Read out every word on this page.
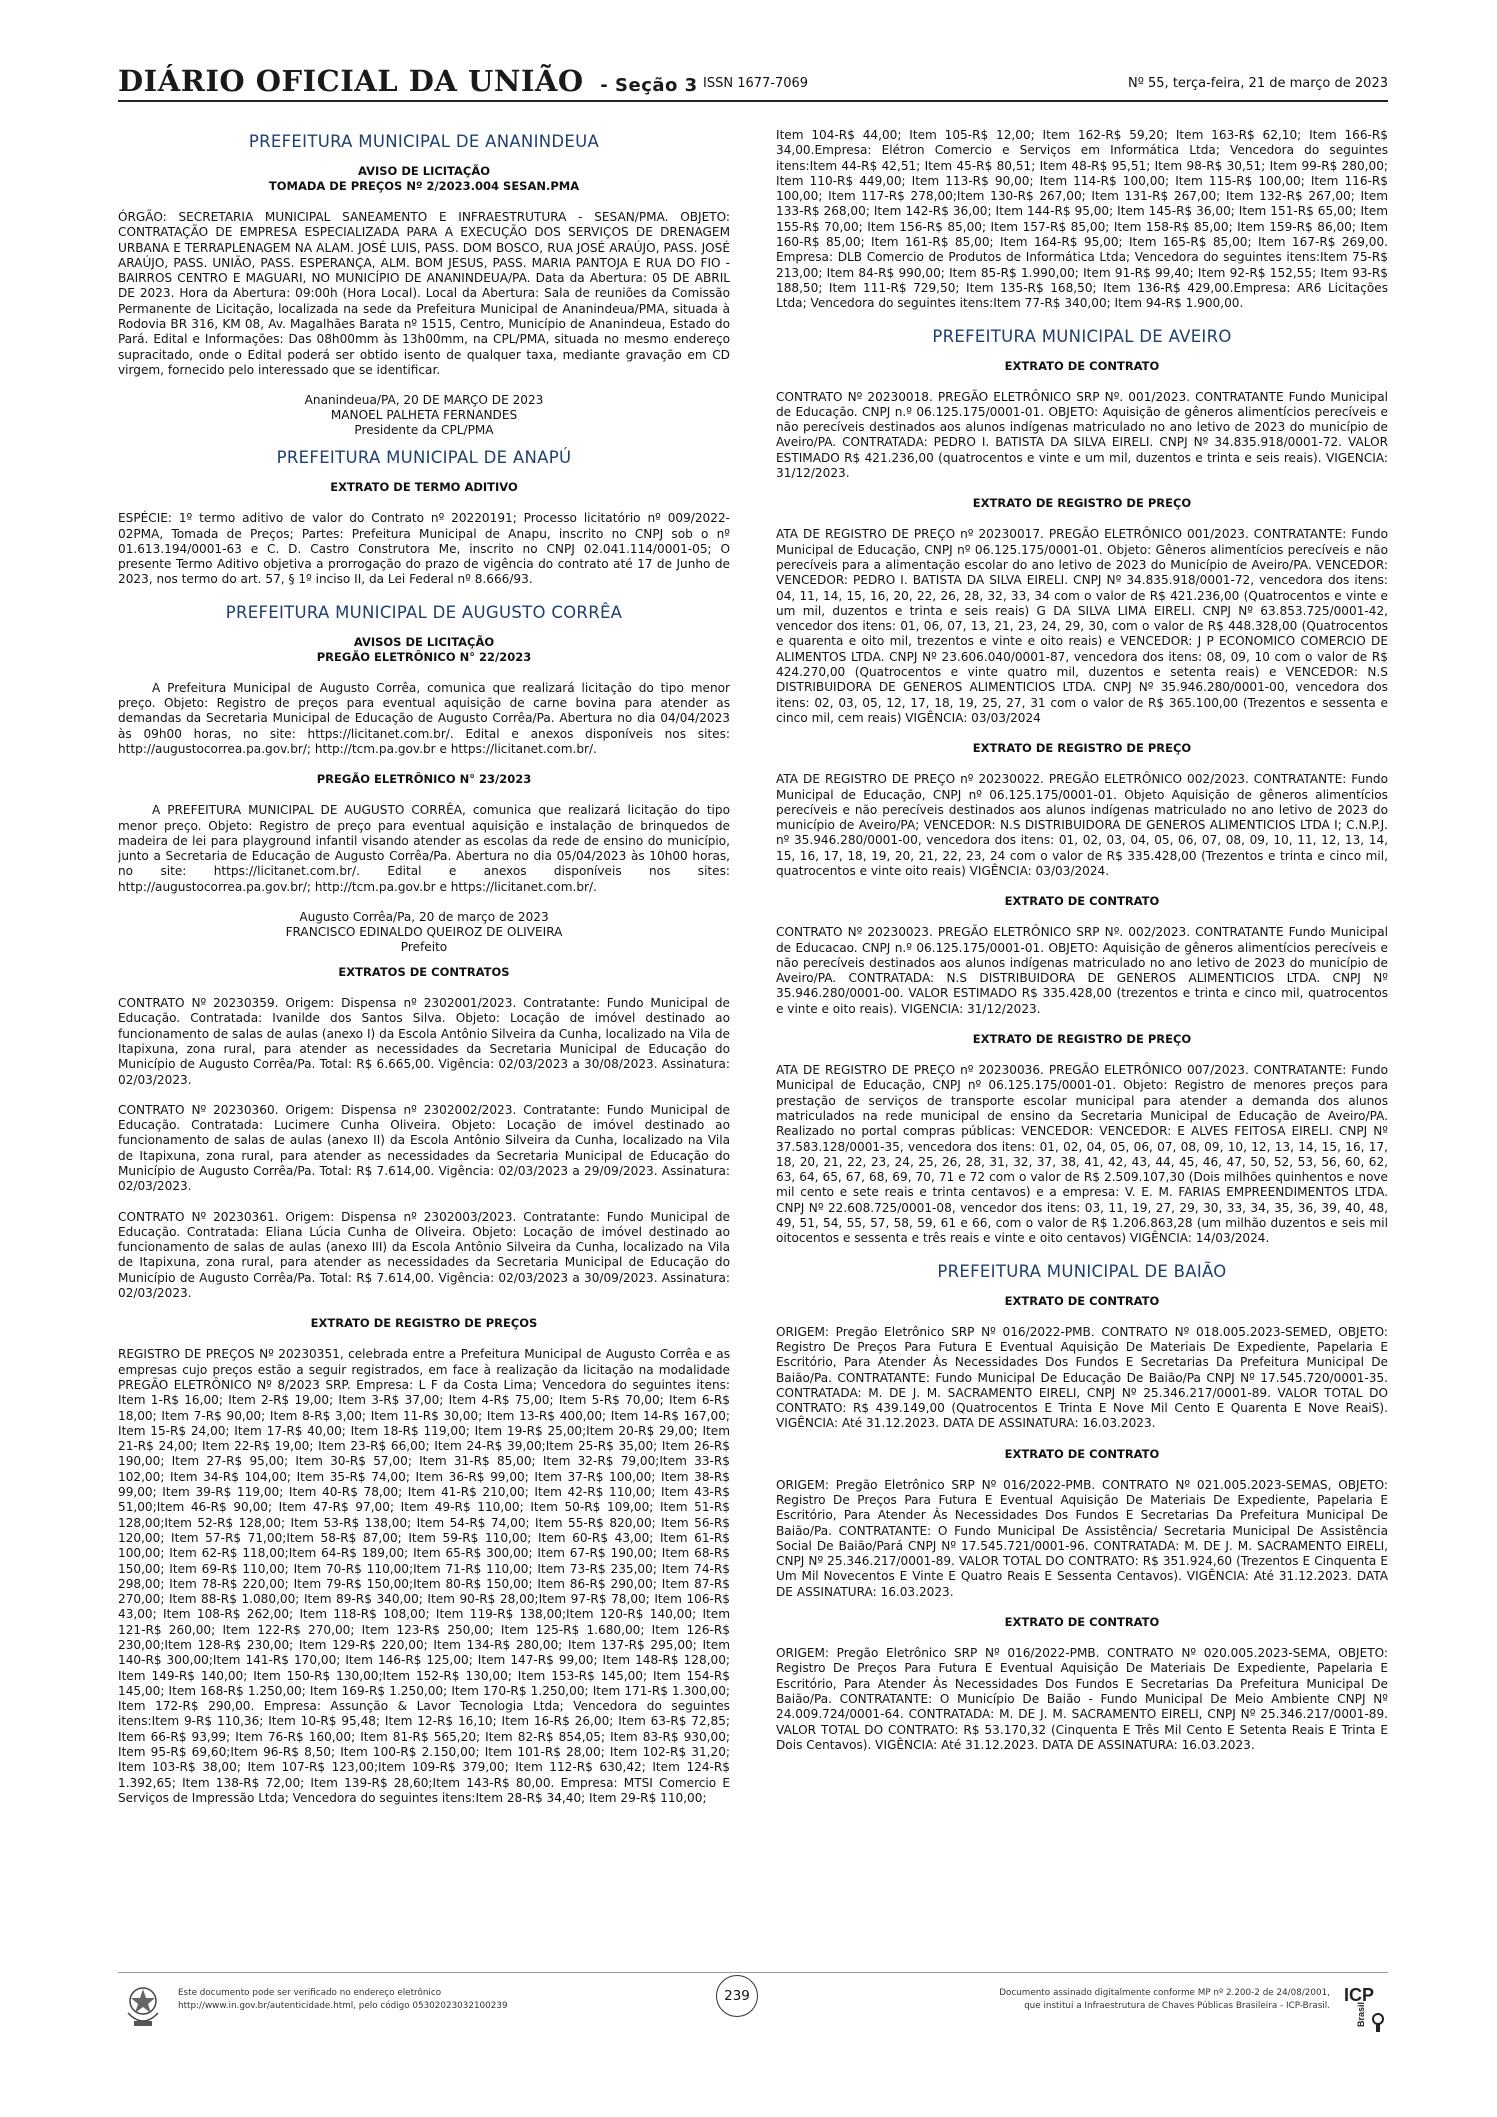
DIÁRIO OFICIAL DA UNIÃO - Seção 3 ISSN 1677-7069	Nº 55, terça-feira, 21 de março de 2023
PREFEITURA MUNICIPAL DE ANANINDEUA
AVISO DE LICITAÇÃO
TOMADA DE PREÇOS Nº 2/2023.004 SESAN.PMA
ÓRGÃO: SECRETARIA MUNICIPAL SANEAMENTO E INFRAESTRUTURA - SESAN/PMA. OBJETO: CONTRATAÇÃO DE EMPRESA ESPECIALIZADA PARA A EXECUÇÃO DOS SERVIÇOS DE DRENAGEM URBANA E TERRAPLENAGEM NA ALAM. JOSÉ LUIS, PASS. DOM BOSCO, RUA JOSÉ ARAÚJO, PASS. JOSÉ ARAÚJO, PASS. UNIÃO, PASS. ESPERANÇA, ALM. BOM JESUS, PASS. MARIA PANTOJA E RUA DO FIO - BAIRROS CENTRO E MAGUARI, NO MUNICÍPIO DE ANANINDEUA/PA. Data da Abertura: 05 DE ABRIL DE 2023. Hora da Abertura: 09:00h (Hora Local). Local da Abertura: Sala de reuniões da Comissão Permanente de Licitação, localizada na sede da Prefeitura Municipal de Ananindeua/PMA, situada à Rodovia BR 316, KM 08, Av. Magalhães Barata nº 1515, Centro, Município de Ananindeua, Estado do Pará. Edital e Informações: Das 08h00mm às 13h00mm, na CPL/PMA, situada no mesmo endereço supracitado, onde o Edital poderá ser obtido isento de qualquer taxa, mediante gravação em CD virgem, fornecido pelo interessado que se identificar.
Ananindeua/PA, 20 DE MARÇO DE 2023
MANOEL PALHETA FERNANDES
Presidente da CPL/PMA
PREFEITURA MUNICIPAL DE ANAPÚ
EXTRATO DE TERMO ADITIVO
ESPÉCIE: 1º termo aditivo de valor do Contrato nº 20220191; Processo licitatório nº 009/2022-02PMA, Tomada de Preços; Partes: Prefeitura Municipal de Anapu, inscrito no CNPJ sob o nº 01.613.194/0001-63 e C. D. Castro Construtora Me, inscrito no CNPJ 02.041.114/0001-05; O presente Termo Aditivo objetiva a prorrogação do prazo de vigência do contrato até 17 de Junho de 2023, nos termo do art. 57, § 1º inciso II, da Lei Federal nº 8.666/93.
PREFEITURA MUNICIPAL DE AUGUSTO CORRÊA
AVISOS DE LICITAÇÃO
PREGÃO ELETRÔNICO N° 22/2023
A Prefeitura Municipal de Augusto Corrêa, comunica que realizará licitação do tipo menor preço. Objeto: Registro de preços para eventual aquisição de carne bovina para atender as demandas da Secretaria Municipal de Educação de Augusto Corrêa/Pa. Abertura no dia 04/04/2023 às 09h00 horas, no site: https://licitanet.com.br/. Edital e anexos disponíveis nos sites: http://augustocorrea.pa.gov.br/; http://tcm.pa.gov.br e https://licitanet.com.br/.
PREGÃO ELETRÔNICO N° 23/2023
A PREFEITURA MUNICIPAL DE AUGUSTO CORRÊA, comunica que realizará licitação do tipo menor preço. Objeto: Registro de preço para eventual aquisição e instalação de brinquedos de madeira de lei para playground infantil visando atender as escolas da rede de ensino do município, junto a Secretaria de Educação de Augusto Corrêa/Pa. Abertura no dia 05/04/2023 às 10h00 horas, no site: https://licitanet.com.br/. Edital e anexos disponíveis nos sites: http://augustocorrea.pa.gov.br/; http://tcm.pa.gov.br e https://licitanet.com.br/.
Augusto Corrêa/Pa, 20 de março de 2023
FRANCISCO EDINALDO QUEIROZ DE OLIVEIRA
Prefeito
EXTRATOS DE CONTRATOS
CONTRATO Nº 20230359. Origem: Dispensa nº 2302001/2023. Contratante: Fundo Municipal de Educação. Contratada: Ivanilde dos Santos Silva. Objeto: Locação de imóvel destinado ao funcionamento de salas de aulas (anexo I) da Escola Antônio Silveira da Cunha, localizado na Vila de Itapixuna, zona rural, para atender as necessidades da Secretaria Municipal de Educação do Município de Augusto Corrêa/Pa. Total: R$ 6.665,00. Vigência: 02/03/2023 a 30/08/2023. Assinatura: 02/03/2023.
CONTRATO Nº 20230360. Origem: Dispensa nº 2302002/2023. Contratante: Fundo Municipal de Educação. Contratada: Lucimere Cunha Oliveira. Objeto: Locação de imóvel destinado ao funcionamento de salas de aulas (anexo II) da Escola Antônio Silveira da Cunha, localizado na Vila de Itapixuna, zona rural, para atender as necessidades da Secretaria Municipal de Educação do Município de Augusto Corrêa/Pa. Total: R$ 7.614,00. Vigência: 02/03/2023 a 29/09/2023. Assinatura: 02/03/2023.
CONTRATO Nº 20230361. Origem: Dispensa nº 2302003/2023. Contratante: Fundo Municipal de Educação. Contratada: Eliana Lúcia Cunha de Oliveira. Objeto: Locação de imóvel destinado ao funcionamento de salas de aulas (anexo III) da Escola Antônio Silveira da Cunha, localizado na Vila de Itapixuna, zona rural, para atender as necessidades da Secretaria Municipal de Educação do Município de Augusto Corrêa/Pa. Total: R$ 7.614,00. Vigência: 02/03/2023 a 30/09/2023. Assinatura: 02/03/2023.
EXTRATO DE REGISTRO DE PREÇOS
REGISTRO DE PREÇOS Nº 20230351, celebrada entre a Prefeitura Municipal de Augusto Corrêa e as empresas cujo preços estão a seguir registrados, em face à realização da licitação na modalidade PREGÃO ELETRÔNICO Nº 8/2023 SRP. Empresa: L F da Costa Lima; Vencedora do seguintes itens: Item 1-R$ 16,00; Item 2-R$ 19,00; Item 3-R$ 37,00; Item 4-R$ 75,00; Item 5-R$ 70,00; Item 6-R$ 18,00; Item 7-R$ 90,00; Item 8-R$ 3,00; Item 11-R$ 30,00; Item 13-R$ 400,00; Item 14-R$ 167,00; Item 15-R$ 24,00; Item 17-R$ 40,00; Item 18-R$ 119,00; Item 19-R$ 25,00;Item 20-R$ 29,00; Item 21-R$ 24,00; Item 22-R$ 19,00; Item 23-R$ 66,00; Item 24-R$ 39,00;Item 25-R$ 35,00; Item 26-R$ 190,00; Item 27-R$ 95,00; Item 30-R$ 57,00; Item 31-R$ 85,00; Item 32-R$ 79,00;Item 33-R$ 102,00; Item 34-R$ 104,00; Item 35-R$ 74,00; Item 36-R$ 99,00; Item 37-R$ 100,00; Item 38-R$ 99,00; Item 39-R$ 119,00; Item 40-R$ 78,00; Item 41-R$ 210,00; Item 42-R$ 110,00; Item 43-R$ 51,00;Item 46-R$ 90,00; Item 47-R$ 97,00; Item 49-R$ 110,00; Item 50-R$ 109,00; Item 51-R$ 128,00;Item 52-R$ 128,00; Item 53-R$ 138,00; Item 54-R$ 74,00; Item 55-R$ 820,00; Item 56-R$ 120,00; Item 57-R$ 71,00;Item 58-R$ 87,00; Item 59-R$ 110,00; Item 60-R$ 43,00; Item 61-R$ 100,00; Item 62-R$ 118,00;Item 64-R$ 189,00; Item 65-R$ 300,00; Item 67-R$ 190,00; Item 68-R$ 150,00; Item 69-R$ 110,00; Item 70-R$ 110,00;Item 71-R$ 110,00; Item 73-R$ 235,00; Item 74-R$ 298,00; Item 78-R$ 220,00; Item 79-R$ 150,00;Item 80-R$ 150,00; Item 86-R$ 290,00; Item 87-R$ 270,00; Item 88-R$ 1.080,00; Item 89-R$ 340,00; Item 90-R$ 28,00;Item 97-R$ 78,00; Item 106-R$ 43,00; Item 108-R$ 262,00; Item 118-R$ 108,00; Item 119-R$ 138,00;Item 120-R$ 140,00; Item 121-R$ 260,00; Item 122-R$ 270,00; Item 123-R$ 250,00; Item 125-R$ 1.680,00; Item 126-R$ 230,00;Item 128-R$ 230,00; Item 129-R$ 220,00; Item 134-R$ 280,00; Item 137-R$ 295,00; Item 140-R$ 300,00;Item 141-R$ 170,00; Item 146-R$ 125,00; Item 147-R$ 99,00; Item 148-R$ 128,00; Item 149-R$ 140,00; Item 150-R$ 130,00;Item 152-R$ 130,00; Item 153-R$ 145,00; Item 154-R$ 145,00; Item 168-R$ 1.250,00; Item 169-R$ 1.250,00; Item 170-R$ 1.250,00; Item 171-R$ 1.300,00; Item 172-R$ 290,00. Empresa: Assunção & Lavor Tecnologia Ltda; Vencedora do seguintes itens:Item 9-R$ 110,36; Item 10-R$ 95,48; Item 12-R$ 16,10; Item 16-R$ 26,00; Item 63-R$ 72,85; Item 66-R$ 93,99; Item 76-R$ 160,00; Item 81-R$ 565,20; Item 82-R$ 854,05; Item 83-R$ 930,00; Item 95-R$ 69,60;Item 96-R$ 8,50; Item 100-R$ 2.150,00; Item 101-R$ 28,00; Item 102-R$ 31,20; Item 103-R$ 38,00; Item 107-R$ 123,00;Item 109-R$ 379,00; Item 112-R$ 630,42; Item 124-R$ 1.392,65; Item 138-R$ 72,00; Item 139-R$ 28,60;Item 143-R$ 80,00. Empresa: MTSI Comercio E Serviços de Impressão Ltda; Vencedora do seguintes itens:Item 28-R$ 34,40; Item 29-R$ 110,00;
Item 104-R$ 44,00; Item 105-R$ 12,00; Item 162-R$ 59,20; Item 163-R$ 62,10; Item 166-R$ 34,00.Empresa: Elétron Comercio e Serviços em Informática Ltda; Vencedora do seguintes itens:Item 44-R$ 42,51; Item 45-R$ 80,51; Item 48-R$ 95,51; Item 98-R$ 30,51; Item 99-R$ 280,00; Item 110-R$ 449,00; Item 113-R$ 90,00; Item 114-R$ 100,00; Item 115-R$ 100,00; Item 116-R$ 100,00; Item 117-R$ 278,00;Item 130-R$ 267,00; Item 131-R$ 267,00; Item 132-R$ 267,00; Item 133-R$ 268,00; Item 142-R$ 36,00; Item 144-R$ 95,00; Item 145-R$ 36,00; Item 151-R$ 65,00; Item 155-R$ 70,00; Item 156-R$ 85,00; Item 157-R$ 85,00; Item 158-R$ 85,00; Item 159-R$ 86,00; Item 160-R$ 85,00; Item 161-R$ 85,00; Item 164-R$ 95,00; Item 165-R$ 85,00; Item 167-R$ 269,00. Empresa: DLB Comercio de Produtos de Informática Ltda; Vencedora do seguintes itens:Item 75-R$ 213,00; Item 84-R$ 990,00; Item 85-R$ 1.990,00; Item 91-R$ 99,40; Item 92-R$ 152,55; Item 93-R$ 188,50; Item 111-R$ 729,50; Item 135-R$ 168,50; Item 136-R$ 429,00.Empresa: AR6 Licitações Ltda; Vencedora do seguintes itens:Item 77-R$ 340,00; Item 94-R$ 1.900,00.
PREFEITURA MUNICIPAL DE AVEIRO
EXTRATO DE CONTRATO
CONTRATO Nº 20230018. PREGÃO ELETRÔNICO SRP Nº. 001/2023. CONTRATANTE Fundo Municipal de Educação. CNPJ n.º 06.125.175/0001-01. OBJETO: Aquisição de gêneros alimentícios perecíveis e não perecíveis destinados aos alunos indígenas matriculado no ano letivo de 2023 do município de Aveiro/PA. CONTRATADA: PEDRO I. BATISTA DA SILVA EIRELI. CNPJ Nº 34.835.918/0001-72. VALOR ESTIMADO R$ 421.236,00 (quatrocentos e vinte e um mil, duzentos e trinta e seis reais). VIGENCIA: 31/12/2023.
EXTRATO DE REGISTRO DE PREÇO
ATA DE REGISTRO DE PREÇO nº 20230017. PREGÃO ELETRÔNICO 001/2023. CONTRATANTE: Fundo Municipal de Educação, CNPJ nº 06.125.175/0001-01. Objeto: Gêneros alimentícios perecíveis e não perecíveis para a alimentação escolar do ano letivo de 2023 do Município de Aveiro/PA. VENCEDOR: VENCEDOR: PEDRO I. BATISTA DA SILVA EIRELI. CNPJ Nº 34.835.918/0001-72, vencedora dos itens: 04, 11, 14, 15, 16, 20, 22, 26, 28, 32, 33, 34 com o valor de R$ 421.236,00 (Quatrocentos e vinte e um mil, duzentos e trinta e seis reais) G DA SILVA LIMA EIRELI. CNPJ Nº 63.853.725/0001-42, vencedor dos itens: 01, 06, 07, 13, 21, 23, 24, 29, 30, com o valor de R$ 448.328,00 (Quatrocentos e quarenta e oito mil, trezentos e vinte e oito reais) e VENCEDOR: J P ECONOMICO COMERCIO DE ALIMENTOS LTDA. CNPJ Nº 23.606.040/0001-87, vencedora dos itens: 08, 09, 10 com o valor de R$ 424.270,00 (Quatrocentos e vinte quatro mil, duzentos e setenta reais) e VENCEDOR: N.S DISTRIBUIDORA DE GENEROS ALIMENTICIOS LTDA. CNPJ Nº 35.946.280/0001-00, vencedora dos itens: 02, 03, 05, 12, 17, 18, 19, 25, 27, 31 com o valor de R$ 365.100,00 (Trezentos e sessenta e cinco mil, cem reais) VIGÊNCIA: 03/03/2024
EXTRATO DE REGISTRO DE PREÇO
ATA DE REGISTRO DE PREÇO nº 20230022. PREGÃO ELETRÔNICO 002/2023. CONTRATANTE: Fundo Municipal de Educação, CNPJ nº 06.125.175/0001-01. Objeto Aquisição de gêneros alimentícios perecíveis e não perecíveis destinados aos alunos indígenas matriculado no ano letivo de 2023 do município de Aveiro/PA; VENCEDOR: N.S DISTRIBUIDORA DE GENEROS ALIMENTICIOS LTDA I; C.N.P.J. nº 35.946.280/0001-00, vencedora dos itens: 01, 02, 03, 04, 05, 06, 07, 08, 09, 10, 11, 12, 13, 14, 15, 16, 17, 18, 19, 20, 21, 22, 23, 24 com o valor de R$ 335.428,00 (Trezentos e trinta e cinco mil, quatrocentos e vinte oito reais) VIGÊNCIA: 03/03/2024.
EXTRATO DE CONTRATO
CONTRATO Nº 20230023. PREGÃO ELETRÔNICO SRP Nº. 002/2023. CONTRATANTE Fundo Municipal de Educacao. CNPJ n.º 06.125.175/0001-01. OBJETO: Aquisição de gêneros alimentícios perecíveis e não perecíveis destinados aos alunos indígenas matriculado no ano letivo de 2023 do município de Aveiro/PA. CONTRATADA: N.S DISTRIBUIDORA DE GENEROS ALIMENTICIOS LTDA. CNPJ Nº 35.946.280/0001-00. VALOR ESTIMADO R$ 335.428,00 (trezentos e trinta e cinco mil, quatrocentos e vinte e oito reais). VIGENCIA: 31/12/2023.
EXTRATO DE REGISTRO DE PREÇO
ATA DE REGISTRO DE PREÇO nº 20230036. PREGÃO ELETRÔNICO 007/2023. CONTRATANTE: Fundo Municipal de Educação, CNPJ nº 06.125.175/0001-01. Objeto: Registro de menores preços para prestação de serviços de transporte escolar municipal para atender a demanda dos alunos matriculados na rede municipal de ensino da Secretaria Municipal de Educação de Aveiro/PA. Realizado no portal compras públicas: VENCEDOR: VENCEDOR: E ALVES FEITOSA EIRELI. CNPJ Nº 37.583.128/0001-35, vencedora dos itens: 01, 02, 04, 05, 06, 07, 08, 09, 10, 12, 13, 14, 15, 16, 17, 18, 20, 21, 22, 23, 24, 25, 26, 28, 31, 32, 37, 38, 41, 42, 43, 44, 45, 46, 47, 50, 52, 53, 56, 60, 62, 63, 64, 65, 67, 68, 69, 70, 71 e 72 com o valor de R$ 2.509.107,30 (Dois milhões quinhentos e nove mil cento e sete reais e trinta centavos) e a empresa: V. E. M. FARIAS EMPREENDIMENTOS LTDA. CNPJ Nº 22.608.725/0001-08, vencedor dos itens: 03, 11, 19, 27, 29, 30, 33, 34, 35, 36, 39, 40, 48, 49, 51, 54, 55, 57, 58, 59, 61 e 66, com o valor de R$ 1.206.863,28 (um milhão duzentos e seis mil oitocentos e sessenta e três reais e vinte e oito centavos) VIGÊNCIA: 14/03/2024.
PREFEITURA MUNICIPAL DE BAIÃO
EXTRATO DE CONTRATO
ORIGEM: Pregão Eletrônico SRP Nº 016/2022-PMB. CONTRATO Nº 018.005.2023-SEMED, OBJETO: Registro De Preços Para Futura E Eventual Aquisição De Materiais De Expediente, Papelaria E Escritório, Para Atender Às Necessidades Dos Fundos E Secretarias Da Prefeitura Municipal De Baião/Pa. CONTRATANTE: Fundo Municipal De Educação De Baião/Pa CNPJ Nº 17.545.720/0001-35. CONTRATADA: M. DE J. M. SACRAMENTO EIRELI, CNPJ Nº 25.346.217/0001-89. VALOR TOTAL DO CONTRATO: R$ 439.149,00 (Quatrocentos E Trinta E Nove Mil Cento E Quarenta E Nove ReaiS). VIGÊNCIA: Até 31.12.2023. DATA DE ASSINATURA: 16.03.2023.
EXTRATO DE CONTRATO
ORIGEM: Pregão Eletrônico SRP Nº 016/2022-PMB. CONTRATO Nº 021.005.2023-SEMAS, OBJETO: Registro De Preços Para Futura E Eventual Aquisição De Materiais De Expediente, Papelaria E Escritório, Para Atender Às Necessidades Dos Fundos E Secretarias Da Prefeitura Municipal De Baião/Pa. CONTRATANTE: O Fundo Municipal De Assistência/ Secretaria Municipal De Assistência Social De Baião/Pará CNPJ Nº 17.545.721/0001-96. CONTRATADA: M. DE J. M. SACRAMENTO EIRELI, CNPJ Nº 25.346.217/0001-89. VALOR TOTAL DO CONTRATO: R$ 351.924,60 (Trezentos E Cinquenta E Um Mil Novecentos E Vinte E Quatro Reais E Sessenta Centavos). VIGÊNCIA: Até 31.12.2023. DATA DE ASSINATURA: 16.03.2023.
EXTRATO DE CONTRATO
ORIGEM: Pregão Eletrônico SRP Nº 016/2022-PMB. CONTRATO Nº 020.005.2023-SEMA, OBJETO: Registro De Preços Para Futura E Eventual Aquisição De Materiais De Expediente, Papelaria E Escritório, Para Atender Às Necessidades Dos Fundos E Secretarias Da Prefeitura Municipal De Baião/Pa. CONTRATANTE: O Município De Baião - Fundo Municipal De Meio Ambiente CNPJ Nº 24.009.724/0001-64. CONTRATADA: M. DE J. M. SACRAMENTO EIRELI, CNPJ Nº 25.346.217/0001-89. VALOR TOTAL DO CONTRATO: R$ 53.170,32 (Cinquenta E Três Mil Cento E Setenta Reais E Trinta E Dois Centavos). VIGÊNCIA: Até 31.12.2023. DATA DE ASSINATURA: 16.03.2023.
Este documento pode ser verificado no endereço eletrônico
http://www.in.gov.br/autenticidade.html, pelo código 05302023032100239
239	Documento assinado digitalmente conforme MP nº 2.200-2 de 24/08/2001,
que institui a Infraestrutura de Chaves Públicas Brasileira - ICP-Brasil.
ICP
Brasil
